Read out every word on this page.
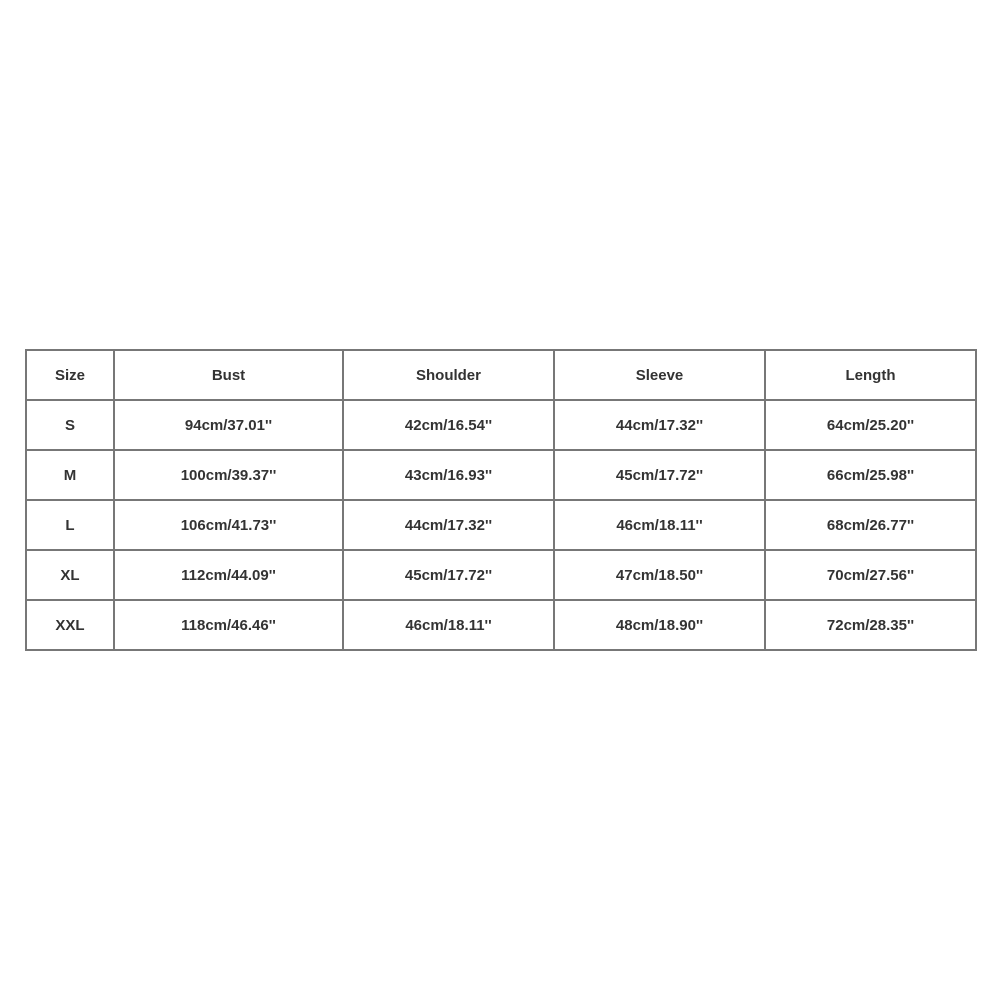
Size	Bust	Shoulder	Sleeve	Length
S	94cm/37.01''	42cm/16.54''	44cm/17.32''	64cm/25.20''
M	100cm/39.37''	43cm/16.93''	45cm/17.72''	66cm/25.98''
L	106cm/41.73''	44cm/17.32''	46cm/18.11''	68cm/26.77''
XL	112cm/44.09''	45cm/17.72''	47cm/18.50''	70cm/27.56''
XXL	118cm/46.46''	46cm/18.11''	48cm/18.90''	72cm/28.35''
